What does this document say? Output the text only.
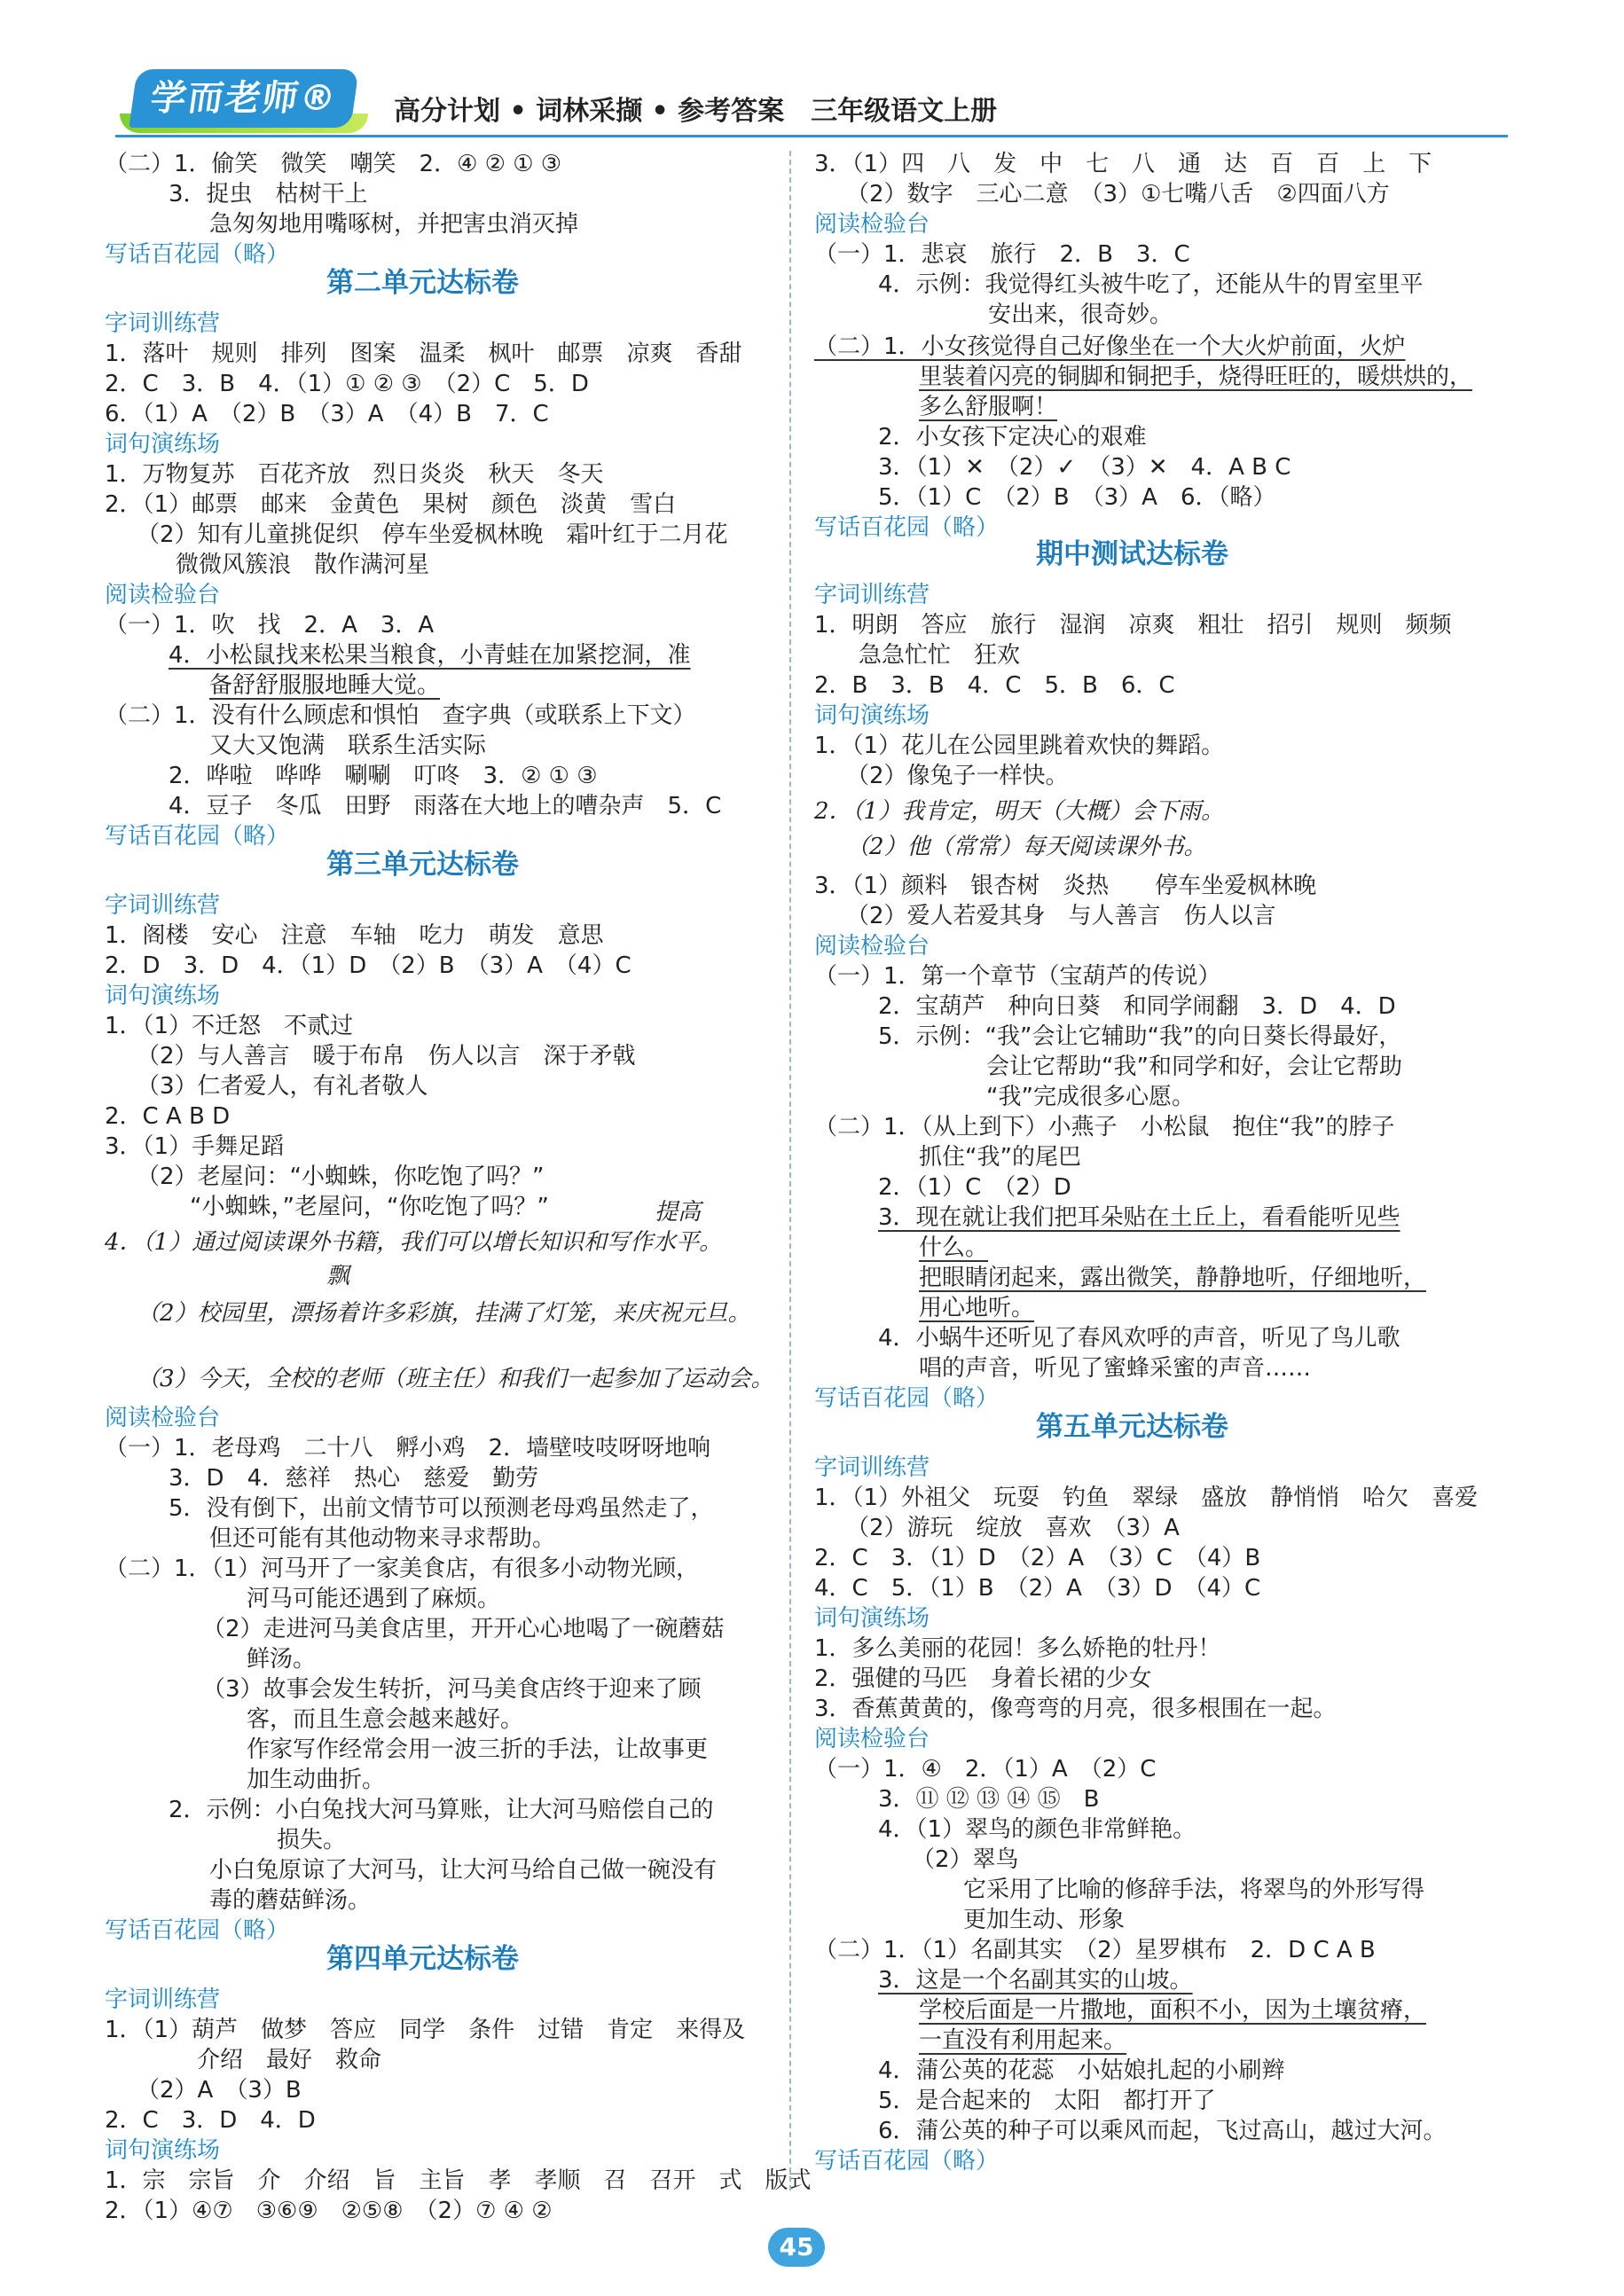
学而老师®	高分计划 • 词林采撷 • 参考答案　三年级语文上册
（二）1．偷笑　微笑　嘲笑　2．④ ② ① ③
3．捉虫　枯树干上
急匆匆地用嘴啄树，并把害虫消灭掉
写话百花园（略）
第二单元达标卷
字词训练营
1．落叶　规则　排列　图案　温柔　枫叶　邮票　凉爽　香甜
2．C　3．B　4．（1）① ② ③　（2）C　5．D
6．（1）A　（2）B　（3）A　（4）B　7．C
词句演练场
1．万物复苏　百花齐放　烈日炎炎　秋天　冬天
2．（1）邮票　邮来　金黄色　果树　颜色　淡黄　雪白
（2）知有儿童挑促织　停车坐爱枫林晚　霜叶红于二月花
微微风簇浪　散作满河星
阅读检验台
（一）1．吹　找　2．A　3．A
4．小松鼠找来松果当粮食，小青蛙在加紧挖洞，准
备舒舒服服地睡大觉。
（二）1．没有什么顾虑和惧怕　查字典（或联系上下文）
又大又饱满　联系生活实际
2．哗啦　哗哗　唰唰　叮咚　3．② ① ③
4．豆子　冬瓜　田野　雨落在大地上的嘈杂声　5．C
写话百花园（略）
第三单元达标卷
字词训练营
1．阁楼　安心　注意　车轴　吃力　萌发　意思
2．D　3．D　4．（1）D　（2）B　（3）A　（4）C
词句演练场
1．（1）不迁怒　不贰过
（2）与人善言　暖于布帛　伤人以言　深于矛戟
（3）仁者爱人，有礼者敬人
2．C A B D
3．（1）手舞足蹈
（2）老屋问：“小蜘蛛，你吃饱了吗？”
“小蜘蛛，”老屋问，“你吃饱了吗？”	提高
4．（1）通过阅读课外书籍，我们可以增长知识和写作水平。
飘
（2）校园里，漂扬着许多彩旗，挂满了灯笼，来庆祝元旦。
（3）今天，全校的老师（班主任）和我们一起参加了运动会。
阅读检验台
（一）1．老母鸡　二十八　孵小鸡　2．墙壁吱吱呀呀地响
3．D　4．慈祥　热心　慈爱　勤劳
5．没有倒下，出前文情节可以预测老母鸡虽然走了，
但还可能有其他动物来寻求帮助。
（二）1．（1）河马开了一家美食店，有很多小动物光顾，
河马可能还遇到了麻烦。
（2）走进河马美食店里，开开心心地喝了一碗蘑菇
鲜汤。
（3）故事会发生转折，河马美食店终于迎来了顾
客，而且生意会越来越好。
作家写作经常会用一波三折的手法，让故事更
加生动曲折。
2．示例：小白兔找大河马算账，让大河马赔偿自己的
损失。
小白兔原谅了大河马，让大河马给自己做一碗没有
毒的蘑菇鲜汤。
写话百花园（略）
第四单元达标卷
字词训练营
1．（1）葫芦　做梦　答应　同学　条件　过错　肯定　来得及
介绍　最好　救命
（2）A　（3）B
2．C　3．D　4．D
词句演练场
1．宗　宗旨　介　介绍　旨　主旨　孝　孝顺　召　召开　式　版式
2．（1）④⑦　③⑥⑨　②⑤⑧　（2）⑦ ④ ②
3．（1）四　八　发　中　七　八　通　达　百　百　上　下
（2）数字　三心二意　（3）①七嘴八舌　②四面八方
阅读检验台
（一）1．悲哀　旅行　2．B　3．C
4．示例：我觉得红头被牛吃了，还能从牛的胃室里平
安出来，很奇妙。
（二）1．小女孩觉得自己好像坐在一个大火炉前面，火炉
里装着闪亮的铜脚和铜把手，烧得旺旺的，暖烘烘的，
多么舒服啊！
2．小女孩下定决心的艰难
3．（1）✕　（2）✓　（3）✕　4．A B C
5．（1）C　（2）B　（3）A　6．（略）
写话百花园（略）
期中测试达标卷
字词训练营
1．明朗　答应　旅行　湿润　凉爽　粗壮　招引　规则　频频
急急忙忙　狂欢
2．B　3．B　4．C　5．B　6．C
词句演练场
1．（1）花儿在公园里跳着欢快的舞蹈。
（2）像兔子一样快。
2．（1）我肯定，明天（大概）会下雨。
（2）他（常常）每天阅读课外书。
3．（1）颜料　银杏树　炎热　　停车坐爱枫林晚
（2）爱人若爱其身　与人善言　伤人以言
阅读检验台
（一）1．第一个章节（宝葫芦的传说）
2．宝葫芦　种向日葵　和同学闹翻　3．D　4．D
5．示例：“我”会让它辅助“我”的向日葵长得最好，
会让它帮助“我”和同学和好，会让它帮助
“我”完成很多心愿。
（二）1．（从上到下）小燕子　小松鼠　抱住“我”的脖子
抓住“我”的尾巴
2．（1）C　（2）D
3．现在就让我们把耳朵贴在土丘上，看看能听见些
什么。
把眼睛闭起来，露出微笑，静静地听，仔细地听，
用心地听。
4．小蜗牛还听见了春风欢呼的声音，听见了鸟儿歌
唱的声音，听见了蜜蜂采蜜的声音……
写话百花园（略）
第五单元达标卷
字词训练营
1．（1）外祖父　玩耍　钓鱼　翠绿　盛放　静悄悄　哈欠　喜爱
（2）游玩　绽放　喜欢　（3）A
2．C　3．（1）D　（2）A　（3）C　（4）B
4．C　5．（1）B　（2）A　（3）D　（4）C
词句演练场
1．多么美丽的花园！多么娇艳的牡丹！
2．强健的马匹　身着长裙的少女
3．香蕉黄黄的，像弯弯的月亮，很多根围在一起。
阅读检验台
（一）1．④　2．（1）A　（2）C
3．⑪ ⑫ ⑬ ⑭ ⑮　B
4．（1）翠鸟的颜色非常鲜艳。
（2）翠鸟
它采用了比喻的修辞手法，将翠鸟的外形写得
更加生动、形象
（二）1．（1）名副其实　（2）星罗棋布　2．D C A B
3．这是一个名副其实的山坡。
学校后面是一片撒地，面积不小，因为土壤贫瘠，
一直没有利用起来。
4．蒲公英的花蕊　小姑娘扎起的小刷辫
5．是合起来的　太阳　都打开了
6．蒲公英的种子可以乘风而起，飞过高山，越过大河。
写话百花园（略）
45
